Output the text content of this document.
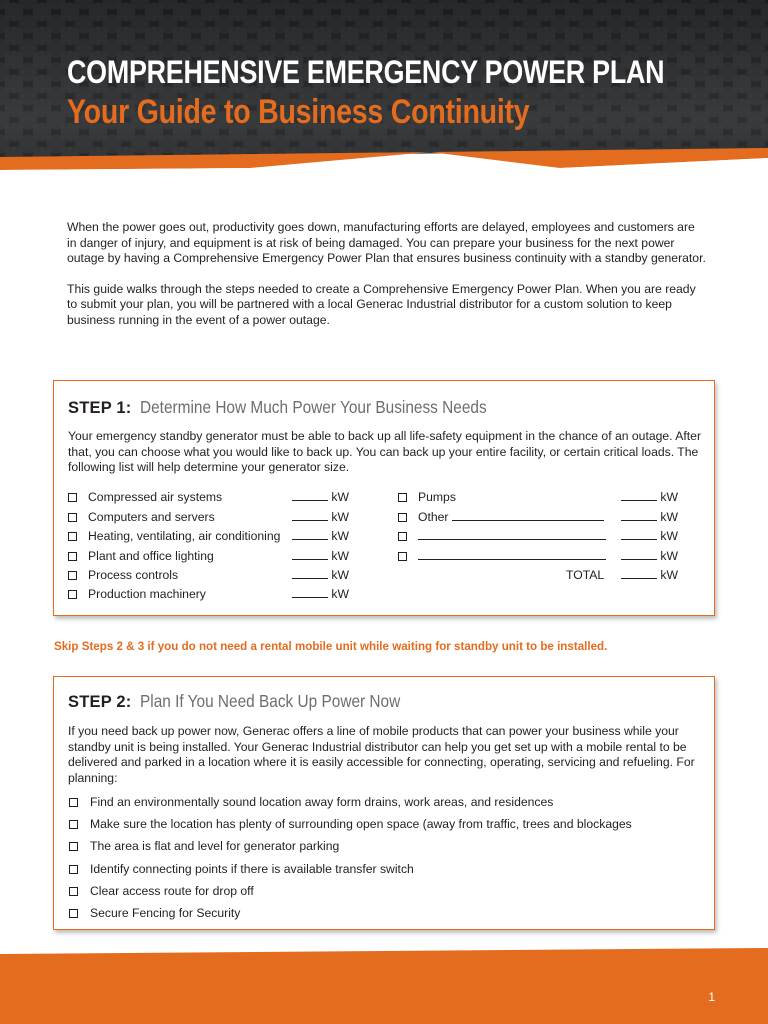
COMPREHENSIVE EMERGENCY POWER PLAN
Your Guide to Business Continuity

When the power goes out, productivity goes down, manufacturing efforts are delayed, employees and customers are in danger of injury, and equipment is at risk of being damaged. You can prepare your business for the next power outage by having a Comprehensive Emergency Power Plan that ensures business continuity with a standby generator.

This guide walks through the steps needed to create a Comprehensive Emergency Power Plan. When you are ready to submit your plan, you will be partnered with a local Generac Industrial distributor for a custom solution to keep business running in the event of a power outage.

STEP 1: Determine How Much Power Your Business Needs
Your emergency standby generator must be able to back up all life-safety equipment in the chance of an outage. After that, you can choose what you would like to back up. You can back up your entire facility, or certain critical loads. The following list will help determine your generator size.
Compressed air systems
Computers and servers
Heating, ventilating, air conditioning
Plant and office lighting
Process controls
Production machinery
kW
kW
kW
kW
kW
kW
Pumps
Other
TOTAL
kW
kW
kW
kW
kW
Skip Steps 2 & 3 if you do not need a rental mobile unit while waiting for standby unit to be installed.
STEP 2: Plan If You Need Back Up Power Now
If you need back up power now, Generac offers a line of mobile products that can power your business while your standby unit is being installed. Your Generac Industrial distributor can help you get set up with a mobile rental to be delivered and parked in a location where it is easily accessible for connecting, operating, servicing and refueling. For planning:
Find an environmentally sound location away form drains, work areas, and residences
Make sure the location has plenty of surrounding open space (away from traffic, trees and blockages
The area is flat and level for generator parking
Identify connecting points if there is available transfer switch
Clear access route for drop off
Secure Fencing for Security
1
